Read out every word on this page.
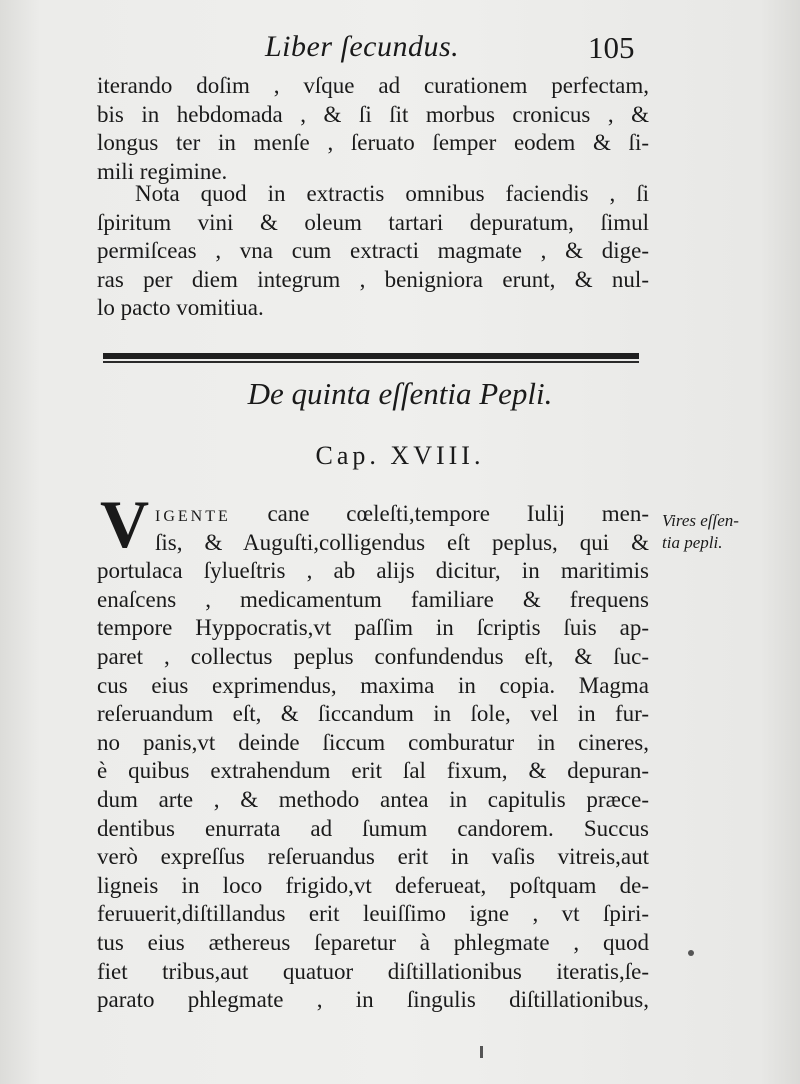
Liber ſecundus.	105
iterando doſim , vſque ad curationem perfectam,
bis in hebdomada , & ſi ſit morbus cronicus , &
longus ter in menſe , ſeruato ſemper eodem & ſi-
mili regimine.
Nota quod in extractis omnibus faciendis , ſi
ſpiritum vini & oleum tartari depuratum, ſimul
permiſceas , vna cum extracti magmate , & dige-
ras per diem integrum , benigniora erunt, & nul-
lo pacto vomitiua.
De quinta eſſentia Pepli.
Cap. XVIII.
V igente cane cœleſti,tempore Iulij men-
ſis, & Auguſti,colligendus eſt peplus, qui &
portulaca ſylueſtris , ab alijs dicitur, in maritimis
enaſcens , medicamentum familiare & frequens
tempore Hyppocratis,vt paſſim in ſcriptis ſuis ap-
paret , collectus peplus confundendus eſt, & ſuc-
cus eius exprimendus, maxima in copia. Magma
reſeruandum eſt, & ſiccandum in ſole, vel in fur-
no panis,vt deinde ſiccum comburatur in cineres,
è quibus extrahendum erit ſal fixum, & depuran-
dum arte , & methodo antea in capitulis præce-
dentibus enurrata ad ſumum candorem. Succus
verò expreſſus reſeruandus erit in vaſis vitreis,aut
ligneis in loco frigido,vt deferueat, poſtquam de-
feruuerit,diſtillandus erit leuiſſimo igne , vt ſpiri-
tus eius æthereus ſeparetur à phlegmate , quod
fiet tribus,aut quatuor diſtillationibus iteratis,ſe-
parato phlegmate , in ſingulis diſtillationibus,
Vires eſſen-
tia pepli.
